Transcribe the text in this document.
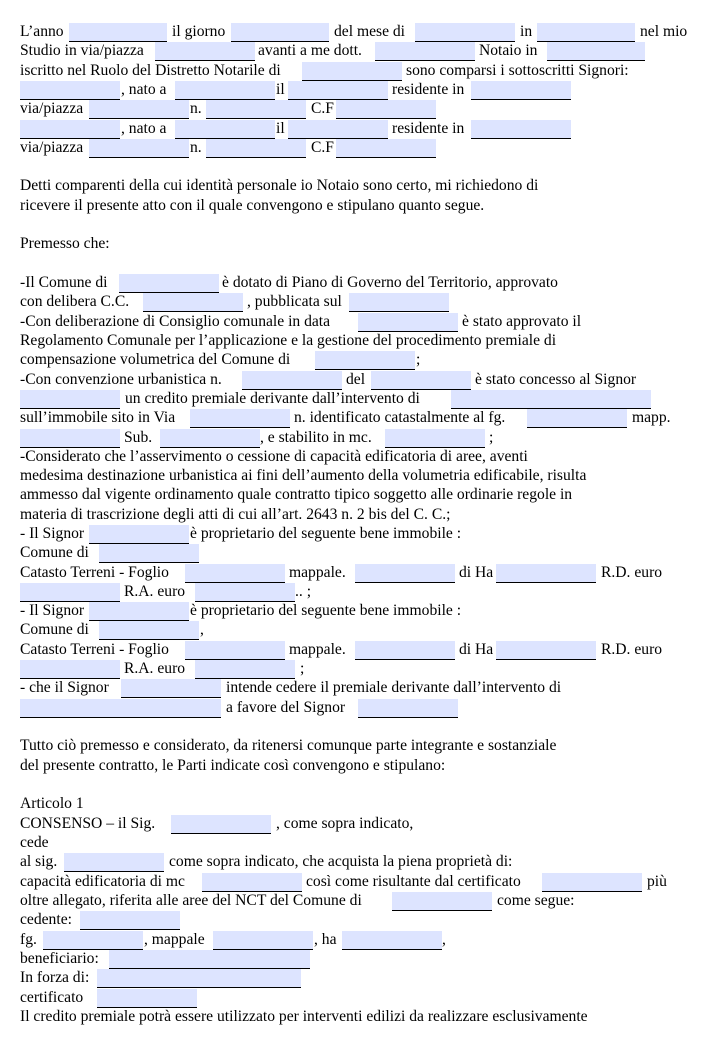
L’anno	il giorno	del mese di	in	nel mio
Studio in via/piazza	avanti a me dott.	Notaio in
iscritto nel Ruolo del Distretto Notarile di	sono comparsi i sottoscritti Signori:
, nato a	il	residente in
via/piazza	n.	C.F
, nato a	il	residente in
via/piazza	n.	C.F
Detti comparenti della cui identità personale io Notaio sono certo, mi richiedono di
ricevere il presente atto con il quale convengono e stipulano quanto segue.
Premesso che:
-Il Comune di	è dotato di Piano di Governo del Territorio, approvato
con delibera C.C.	, pubblicata sul
-Con deliberazione di Consiglio comunale in data	è stato approvato il
Regolamento Comunale per l’applicazione e la gestione del procedimento premiale di
compensazione volumetrica del Comune di	;
-Con convenzione urbanistica n.	del	è stato concesso al Signor
un credito premiale derivante dall’intervento di
sull’immobile sito in Via	n. identificato catastalmente al fg.	mapp.
Sub.	, e stabilito in mc.	;
-Considerato che l’asservimento o cessione di capacità edificatoria di aree, aventi
medesima destinazione urbanistica ai fini dell’aumento della volumetria edificabile, risulta
ammesso dal vigente ordinamento quale contratto tipico soggetto alle ordinarie regole in
materia di trascrizione degli atti di cui all’art. 2643 n. 2 bis del C. C.;
- Il Signor	è proprietario del seguente bene immobile :
Comune di
Catasto Terreni - Foglio	mappale.	di Ha	R.D. euro
R.A. euro	.. ;
- Il Signor	è proprietario del seguente bene immobile :
Comune di	,
Catasto Terreni - Foglio	mappale.	di Ha	R.D. euro
R.A. euro	;
- che il Signor	intende cedere il premiale derivante dall’intervento di
a favore del Signor
Tutto ciò premesso e considerato, da ritenersi comunque parte integrante e sostanziale
del presente contratto, le Parti indicate così convengono e stipulano:
Articolo 1
CONSENSO – il Sig.	, come sopra indicato,
cede
al sig.	come sopra indicato, che acquista la piena proprietà di:
capacità edificatoria di mc	così come risultante dal certificato	più
oltre allegato, riferita alle aree del NCT del Comune di	come segue:
cedente:
fg.	, mappale	, ha	,
beneficiario:
In forza di:
certificato
Il credito premiale potrà essere utilizzato per interventi edilizi da realizzare esclusivamente
